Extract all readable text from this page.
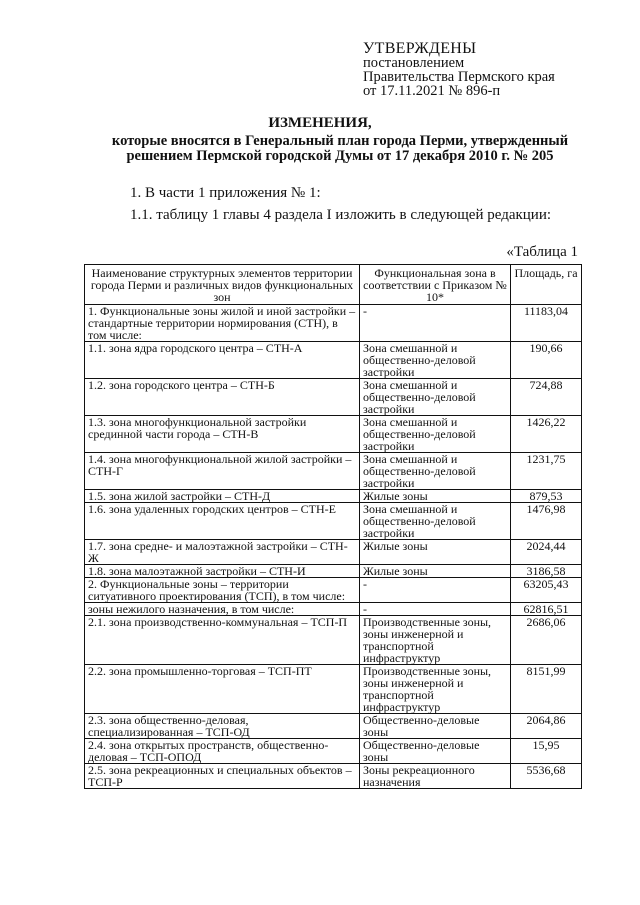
УТВЕРЖДЕНЫ
постановлением
Правительства Пермского края
от 17.11.2021 № 896-п
ИЗМЕНЕНИЯ,
которые вносятся в Генеральный план города Перми, утвержденный
решением Пермской городской Думы от 17 декабря 2010 г. № 205
1. В части 1 приложения № 1:
1.1. таблицу 1 главы 4 раздела I изложить в следующей редакции:
«Таблица 1
Наименование структурных элементов территории города Перми и различных видов функциональных зон	Функциональная зона в соответствии с Приказом № 10*	Площадь, га
1. Функциональные зоны жилой и иной застройки – стандартные территории нормирования (СТН), в том числе:	-	11183,04
1.1. зона ядра городского центра – СТН-А	Зона смешанной и общественно-деловой застройки	190,66
1.2. зона городского центра – СТН-Б	Зона смешанной и общественно-деловой застройки	724,88
1.3. зона многофункциональной застройки срединной части города – СТН-В	Зона смешанной и общественно-деловой застройки	1426,22
1.4. зона многофункциональной жилой застройки – СТН-Г	Зона смешанной и общественно-деловой застройки	1231,75
1.5. зона жилой застройки – СТН-Д	Жилые зоны	879,53
1.6. зона удаленных городских центров – СТН-Е	Зона смешанной и общественно-деловой застройки	1476,98
1.7. зона средне- и малоэтажной застройки – СТН-Ж	Жилые зоны	2024,44
1.8. зона малоэтажной застройки – СТН-И	Жилые зоны	3186,58
2. Функциональные зоны – территории ситуативного проектирования (ТСП), в том числе:	-	63205,43
зоны нежилого назначения, в том числе:	-	62816,51
2.1. зона производственно-коммунальная – ТСП-П	Производственные зоны, зоны инженерной и транспортной инфраструктур	2686,06
2.2. зона промышленно-торговая – ТСП-ПТ	Производственные зоны, зоны инженерной и транспортной инфраструктур	8151,99
2.3. зона общественно-деловая, специализированная – ТСП-ОД	Общественно-деловые зоны	2064,86
2.4. зона открытых пространств, общественно-деловая – ТСП-ОПОД	Общественно-деловые зоны	15,95
2.5. зона рекреационных и специальных объектов – ТСП-Р	Зоны рекреационного назначения	5536,68
